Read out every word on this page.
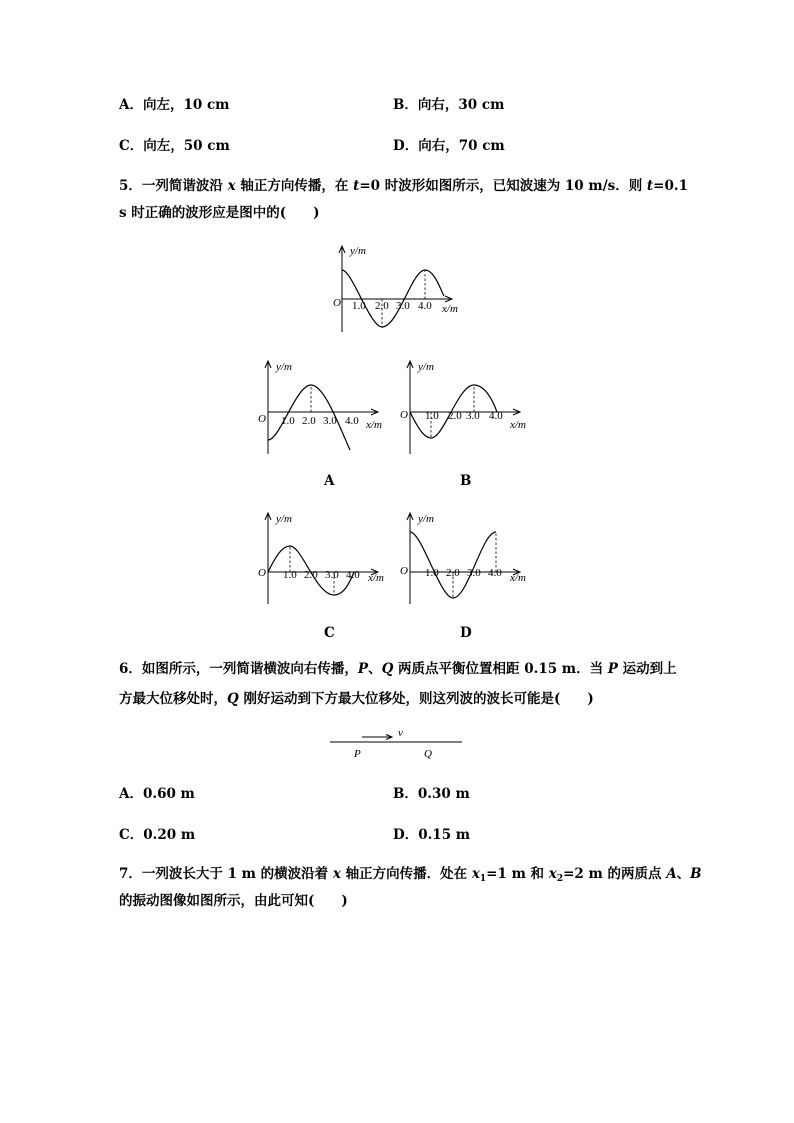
A．向左，10 cm	B．向右，30 cm
C．向左，50 cm	D．向右，70 cm
5．一列简谐波沿 x 轴正方向传播，在 t=0 时波形如图所示，已知波速为 10 m/s．则 t=0.1
s 时正确的波形应是图中的(　　)
y/m
x/m
O 1.0 2.0 3.0 4.0
y/m
x/m
O 1.0 2.0 3.0 4.0
A
y/m
x/m
O 1.0 2.0 3.0 4.0
B
y/m
x/m
O 1.0 2.0 3.0 4.0
C
y/m
x/m
O 1.0 2.0 3.0 4.0
D
6．如图所示，一列简谐横波向右传播，P、Q 两质点平衡位置相距 0.15 m．当 P 运动到上
方最大位移处时，Q 刚好运动到下方最大位移处，则这列波的波长可能是(　　)
v
P	Q
A．0.60 m	B．0.30 m
C．0.20 m	D．0.15 m
7．一列波长大于 1 m 的横波沿着 x 轴正方向传播．处在 $x_1=1$ m 和 $x_2=2$ m 的两质点 A、B
的振动图像如图所示，由此可知(　　)
